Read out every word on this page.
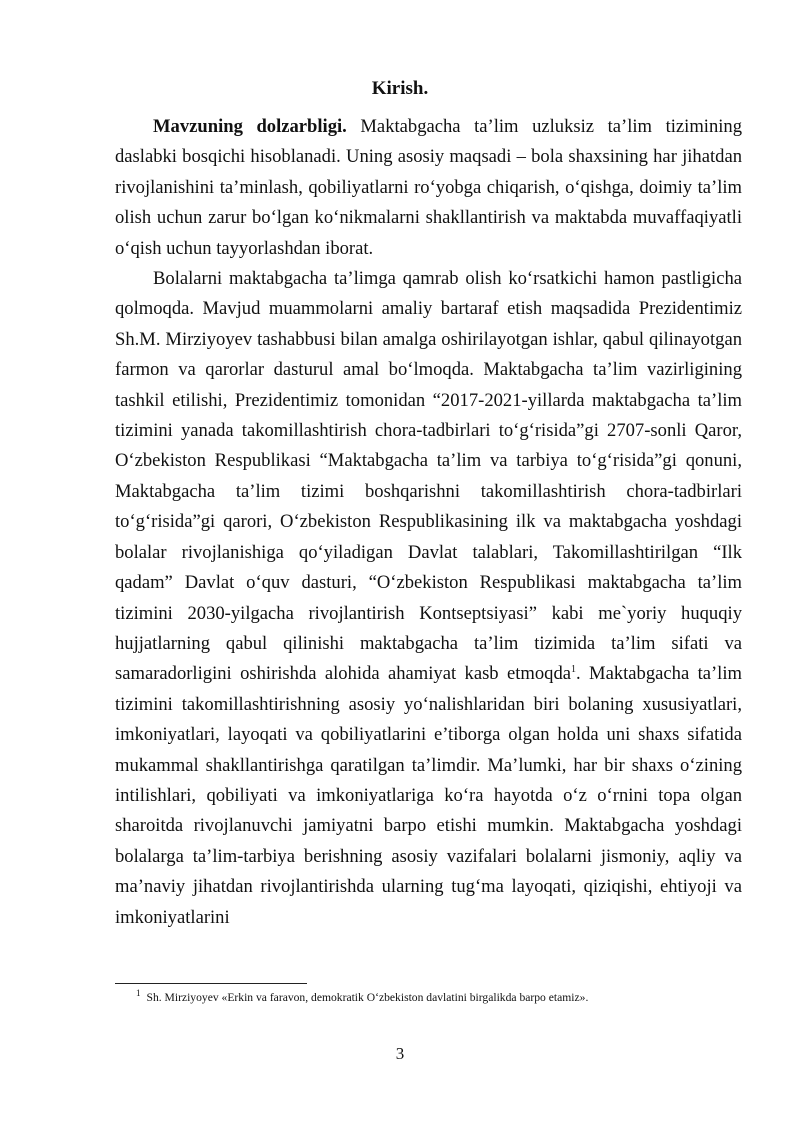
Kirish.

Mavzuning dolzarbligi. Maktabgacha ta’lim uzluksiz ta’lim tizimining daslabki bosqichi hisoblanadi. Uning asosiy maqsadi – bola shaxsining har jihatdan rivojlanishini ta’minlash, qobiliyatlarni ro‘yobga chiqarish, o‘qishga, doimiy ta’lim olish uchun zarur bo‘lgan ko‘nikmalarni shakllantirish va maktabda muvaffaqiyatli o‘qish uchun tayyorlashdan iborat.

Bolalarni maktabgacha ta’limga qamrab olish ko‘rsatkichi hamon pastligicha qolmoqda. Mavjud muammolarni amaliy bartaraf etish maqsadida Prezidentimiz Sh.M. Mirziyoyev tashabbusi bilan amalga oshirilayotgan ishlar, qabul qilinayotgan farmon va qarorlar dasturul amal bo‘lmoqda. Maktabgacha ta’lim vazirligining tashkil etilishi, Prezidentimiz tomonidan “2017-2021-yillarda maktabgacha ta’lim tizimini yanada takomillashtirish chora-tadbirlari to‘g‘risida”gi 2707-sonli Qaror, O‘zbekiston Respublikasi “Maktabgacha ta’lim va tarbiya to‘g‘risida”gi qonuni, Maktabgacha ta’lim tizimi boshqarishni takomillashtirish chora-tadbirlari to‘g‘risida”gi qarori, O‘zbekiston Respublikasining ilk va maktabgacha yoshdagi bolalar rivojlanishiga qo‘yiladigan Davlat talablari, Takomillashtirilgan “Ilk qadam” Davlat o‘quv dasturi, “O‘zbekiston Respublikasi maktabgacha ta’lim tizimini 2030-yilgacha rivojlantirish Kontseptsiyasi” kabi me`yoriy huquqiy hujjatlarning qabul qilinishi maktabgacha ta’lim tizimida ta’lim sifati va samaradorligini oshirishda alohida ahamiyat kasb etmoqda$^1$. Maktabgacha ta’lim tizimini takomillashtirishning asosiy yo‘nalishlaridan biri bolaning xususiyatlari, imkoniyatlari, layoqati va qobiliyatlarini e’tiborga olgan holda uni shaxs sifatida mukammal shakllantirishga qaratilgan ta’limdir. Ma’lumki, har bir shaxs o‘zining intilishlari, qobiliyati va imkoniyatlariga ko‘ra hayotda o‘z o‘rnini topa olgan sharoitda rivojlanuvchi jamiyatni barpo etishi mumkin. Maktabgacha yoshdagi bolalarga ta’lim-tarbiya berishning asosiy vazifalari bolalarni jismoniy, aqliy va ma’naviy jihatdan rivojlantirishda ularning tug‘ma layoqati, qiziqishi, ehtiyoji va imkoniyatlarini

$^1$ Sh. Mirziyoyev «Erkin va faravon, demokratik O‘zbekiston davlatini birgalikda barpo etamiz».
3
